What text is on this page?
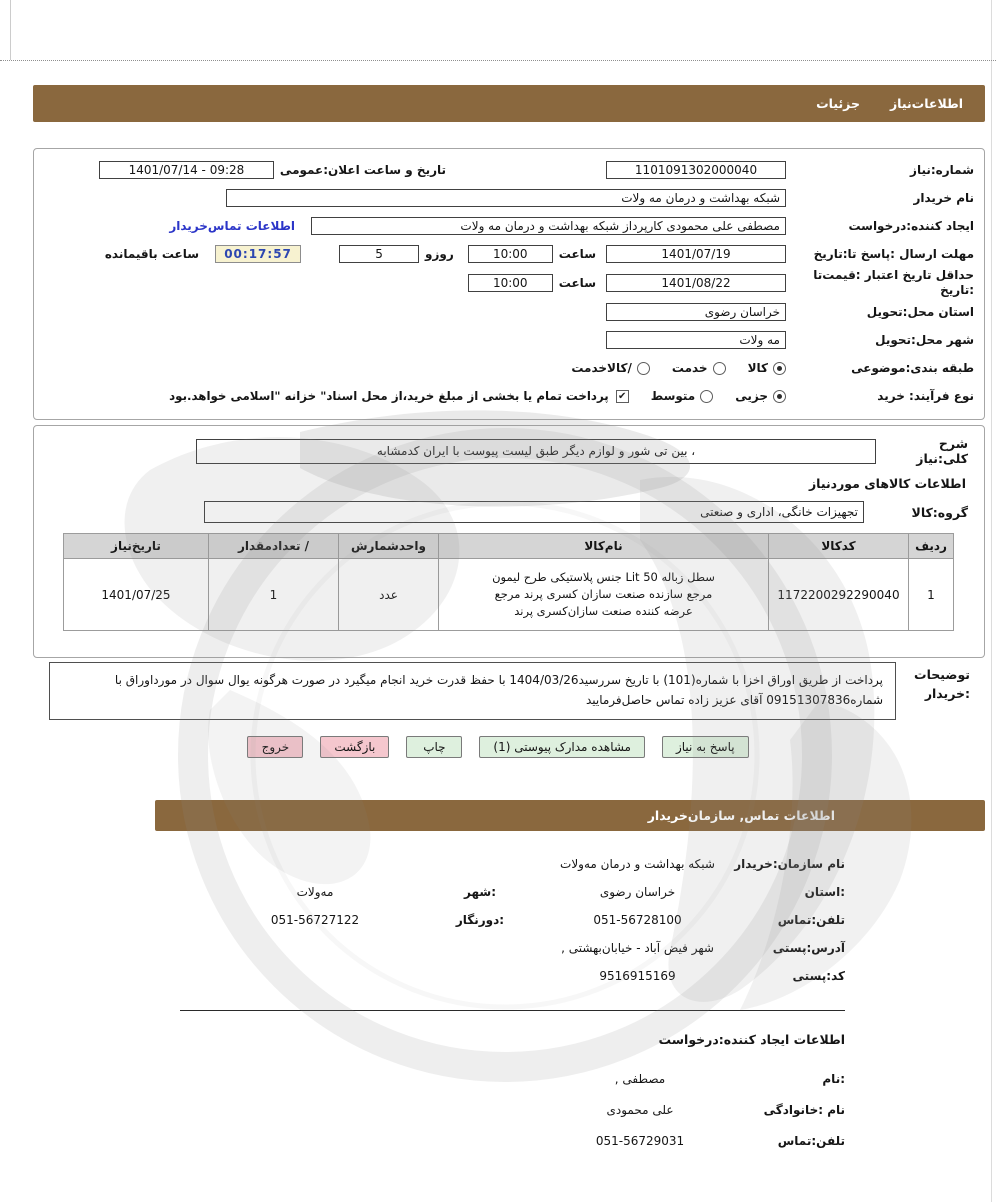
اطلاعات‌نیاز
جزئیات
شماره:نیاز
1101091302000040
تاریخ و ساعت اعلان:عمومی
09:28 - 1401/07/14
نام خریدار
شبکه بهداشت و درمان مه ولات
ایجاد کننده:درخواست
مصطفی علی محمودی کارپرداز شبکه بهداشت و درمان مه ولات
اطلاعات تماس‌خریدار
مهلت ارسال :پاسخ تا:تاریخ
1401/07/19
ساعت
10:00
روزو
5
00:17:57
ساعت باقیمانده
حداقل تاریخ اعتبار :قیمت‌تا
:تاریخ
1401/08/22
ساعت
10:00
استان محل:تحویل
خراسان رضوی
شهر محل:تحویل
مه ولات
طبقه بندی:موضوعی
کالا
خدمت
/کالاخدمت
نوع فرآیند: خرید
جزیی
متوسط
✔
پرداخت تمام یا بخشی از مبلغ خرید،از محل اسناد" خزانه "اسلامی خواهد.بود
شرح کلی:نیاز
، بین تی شور و لوازم دیگر طبق لیست پیوست با ایران کدمشابه
اطلاعات کالاهای موردنیاز
گروه:کالا
تجهیزات خانگی، اداری و صنعتی
ردیف	کدکالا	نام‌کالا	واحدشمارش	/ تعدادمقدار	تاریخ‌نیاز
1	1172200292290040	سطل زباله 50 Lit جنس پلاستیکی طرح لیمون مرجع سازنده صنعت سازان کسری پرند مرجع عرضه کننده صنعت سازان‌کسری پرند	عدد	1	1401/07/25
توضیحات
:خریدار
پرداخت از طریق اوراق اخزا با شماره(101) با تاریخ سررسید1404/03/26 با حفظ قدرت خرید انجام میگیرد در صورت هرگونه یوال سوال در مورداوراق با شماره09151307836 آقای عزیز زاده تماس حاصل‌فرمایید
پاسخ به نیاز
مشاهده مدارک پیوستی (1)
چاپ
بازگشت
خروج
اطلاعات تماس, سازمان‌خریدار
نام سازمان:خریدار
شبکه بهداشت و درمان مه‌ولات
:استان
خراسان رضوی
:شهر
مه‌ولات
تلفن:تماس
051-56728100
:دورنگار
051-56727122
آدرس:پستی
شهر فیض آباد - خیابان‌بهشتی ,
کد:پستی
9516915169
اطلاعات ایجاد کننده:درخواست
:نام
مصطفی ,
نام :خانوادگی
علی محمودی
تلفن:تماس
051-56729031
